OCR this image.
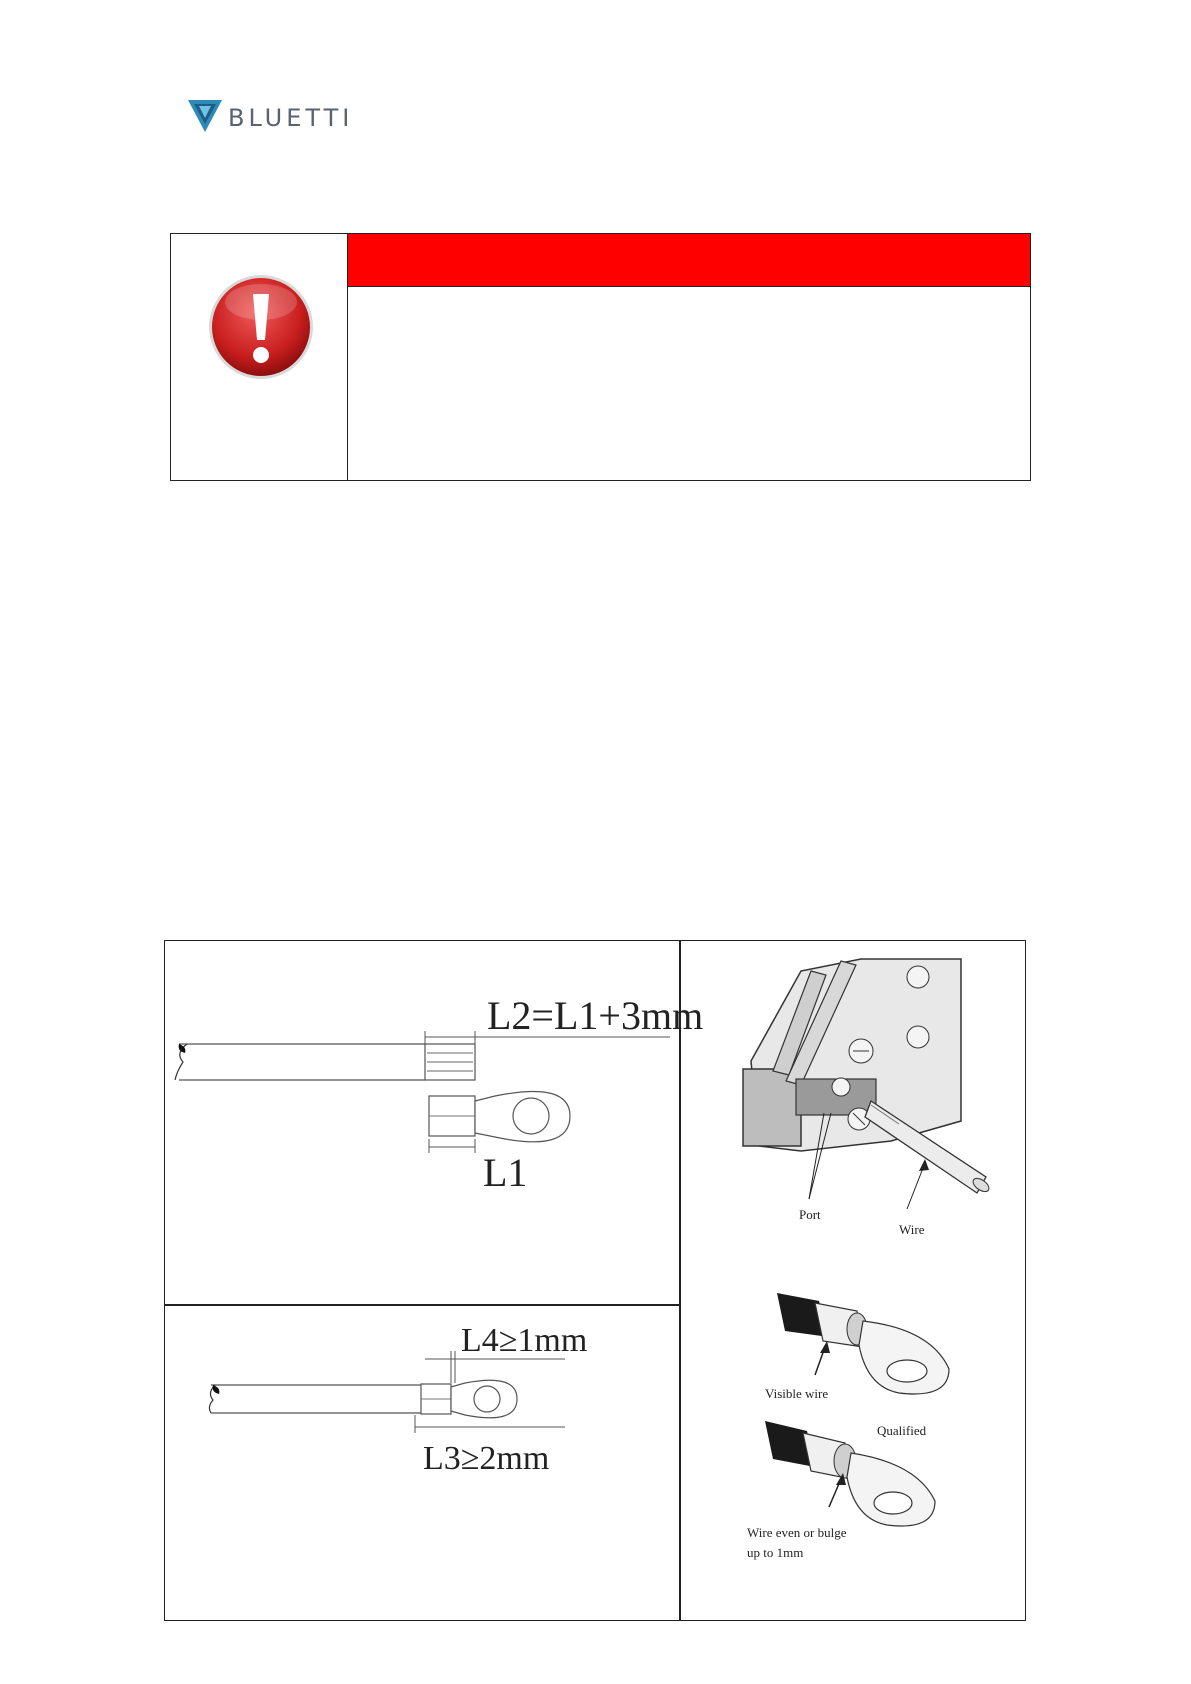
BLUETTI
L2=L1+3mm
L1
L4≥1mm
L3≥2mm
Port
Wire
Visible wire
Qualified
Wire even or bulge
up to 1mm
